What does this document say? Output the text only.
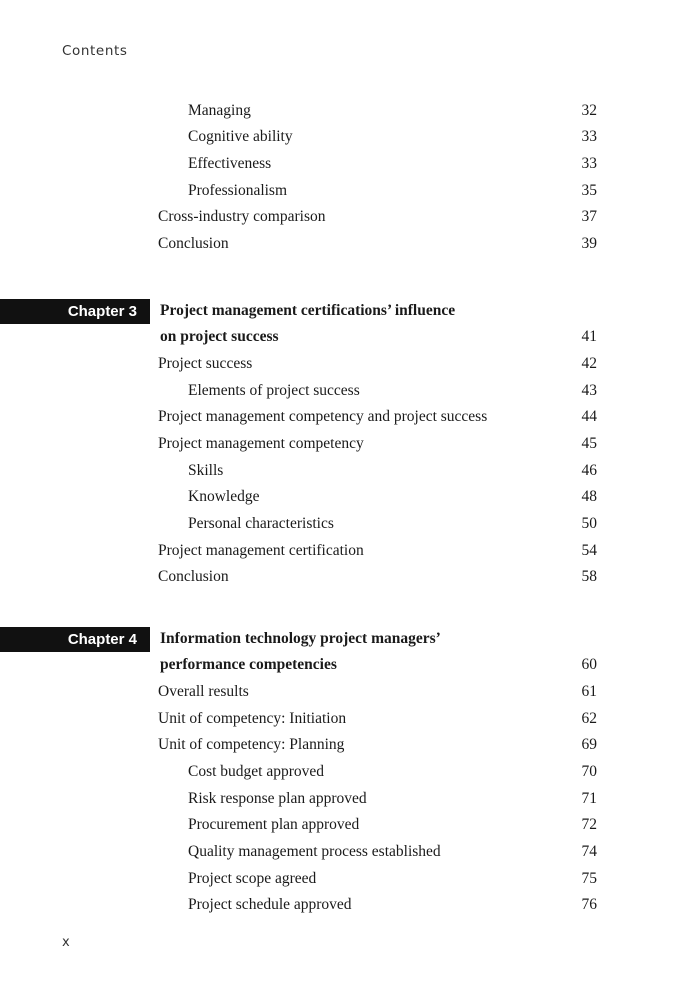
Contents
Managing	32
Cognitive ability	33
Effectiveness	33
Professionalism	35
Cross-industry comparison	37
Conclusion	39
Chapter 3 Project management certifications’ influence
on project success	41
Project success	42
Elements of project success	43
Project management competency and project success	44
Project management competency	45
Skills	46
Knowledge	48
Personal characteristics	50
Project management certification	54
Conclusion	58
Chapter 4 Information technology project managers’
performance competencies	60
Overall results	61
Unit of competency: Initiation	62
Unit of competency: Planning	69
Cost budget approved	70
Risk response plan approved	71
Procurement plan approved	72
Quality management process established	74
Project scope agreed	75
Project schedule approved	76
x
